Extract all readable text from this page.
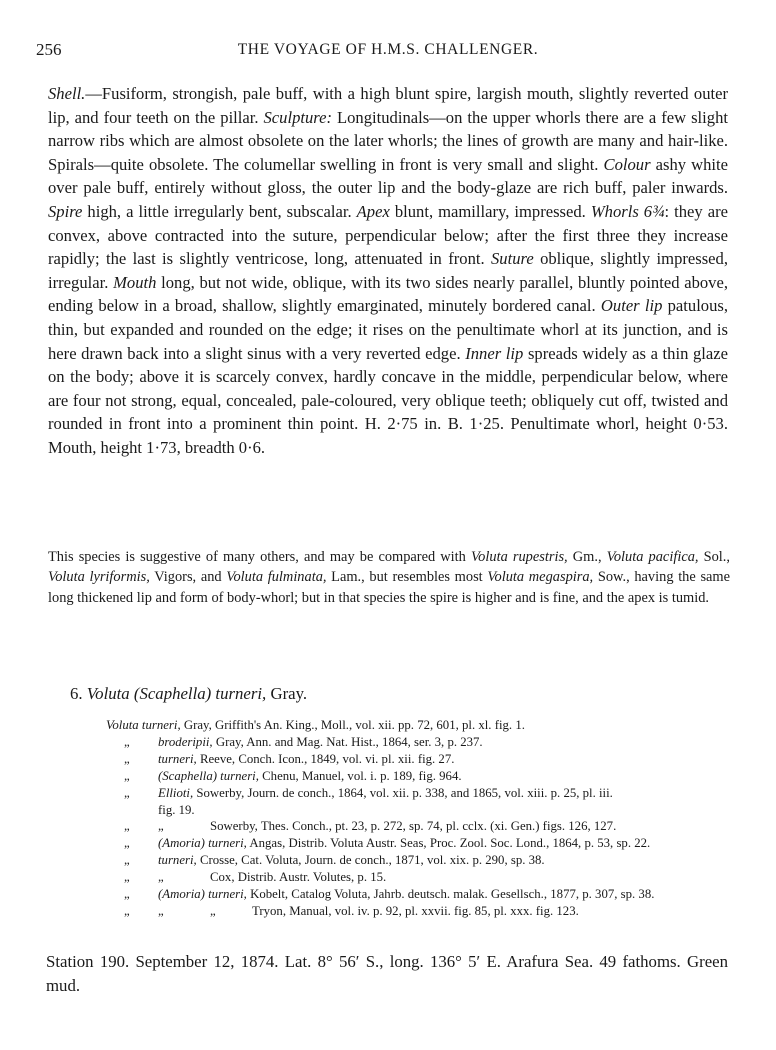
256	THE VOYAGE OF H.M.S. CHALLENGER.

Shell.—Fusiform, strongish, pale buff, with a high blunt spire, largish mouth, slightly reverted outer lip, and four teeth on the pillar. Sculpture: Longitudinals—on the upper whorls there are a few slight narrow ribs which are almost obsolete on the later whorls; the lines of growth are many and hair-like. Spirals—quite obsolete. The columellar swelling in front is very small and slight. Colour ashy white over pale buff, entirely without gloss, the outer lip and the body-glaze are rich buff, paler inwards. Spire high, a little irregularly bent, subscalar. Apex blunt, mamillary, impressed. Whorls 6¾: they are convex, above contracted into the suture, perpendicular below; after the first three they increase rapidly; the last is slightly ventricose, long, attenuated in front. Suture oblique, slightly impressed, irregular. Mouth long, but not wide, oblique, with its two sides nearly parallel, bluntly pointed above, ending below in a broad, shallow, slightly emarginated, minutely bordered canal. Outer lip patulous, thin, but expanded and rounded on the edge; it rises on the penultimate whorl at its junction, and is here drawn back into a slight sinus with a very reverted edge. Inner lip spreads widely as a thin glaze on the body; above it is scarcely convex, hardly concave in the middle, perpendicular below, where are four not strong, equal, concealed, pale-coloured, very oblique teeth; obliquely cut off, twisted and rounded in front into a prominent thin point. H. 2·75 in. B. 1·25. Penultimate whorl, height 0·53. Mouth, height 1·73, breadth 0·6.

This species is suggestive of many others, and may be compared with Voluta rupestris, Gm., Voluta pacifica, Sol., Voluta lyriformis, Vigors, and Voluta fulminata, Lam., but resembles most Voluta megaspira, Sow., having the same long thickened lip and form of body-whorl; but in that species the spire is higher and is fine, and the apex is tumid.

6. Voluta (Scaphella) turneri, Gray.

Voluta turneri, Gray, Griffith's An. King., Moll., vol. xii. pp. 72, 601, pl. xl. fig. 1.
„ broderipii, Gray, Ann. and Mag. Nat. Hist., 1864, ser. 3, p. 237.
„ turneri, Reeve, Conch. Icon., 1849, vol. vi. pl. xii. fig. 27.
„ (Scaphella) turneri, Chenu, Manuel, vol. i. p. 189, fig. 964.
„ Ellioti, Sowerby, Journ. de conch., 1864, vol. xii. p. 338, and 1865, vol. xiii. p. 25, pl. iii.
fig. 19.
„ „	Sowerby, Thes. Conch., pt. 23, p. 272, sp. 74, pl. cclx. (xi. Gen.) figs. 126, 127.
„ (Amoria) turneri, Angas, Distrib. Voluta Austr. Seas, Proc. Zool. Soc. Lond., 1864, p. 53, sp. 22.
„ turneri, Crosse, Cat. Voluta, Journ. de conch., 1871, vol. xix. p. 290, sp. 38.
„ „	Cox, Distrib. Austr. Volutes, p. 15.
„ (Amoria) turneri, Kobelt, Catalog Voluta, Jahrb. deutsch. malak. Gesellsch., 1877, p. 307, sp. 38.
„ „	„	Tryon, Manual, vol. iv. p. 92, pl. xxvii. fig. 85, pl. xxx. fig. 123.

Station 190. September 12, 1874. Lat. 8° 56′ S., long. 136° 5′ E. Arafura Sea. 49 fathoms. Green mud.
